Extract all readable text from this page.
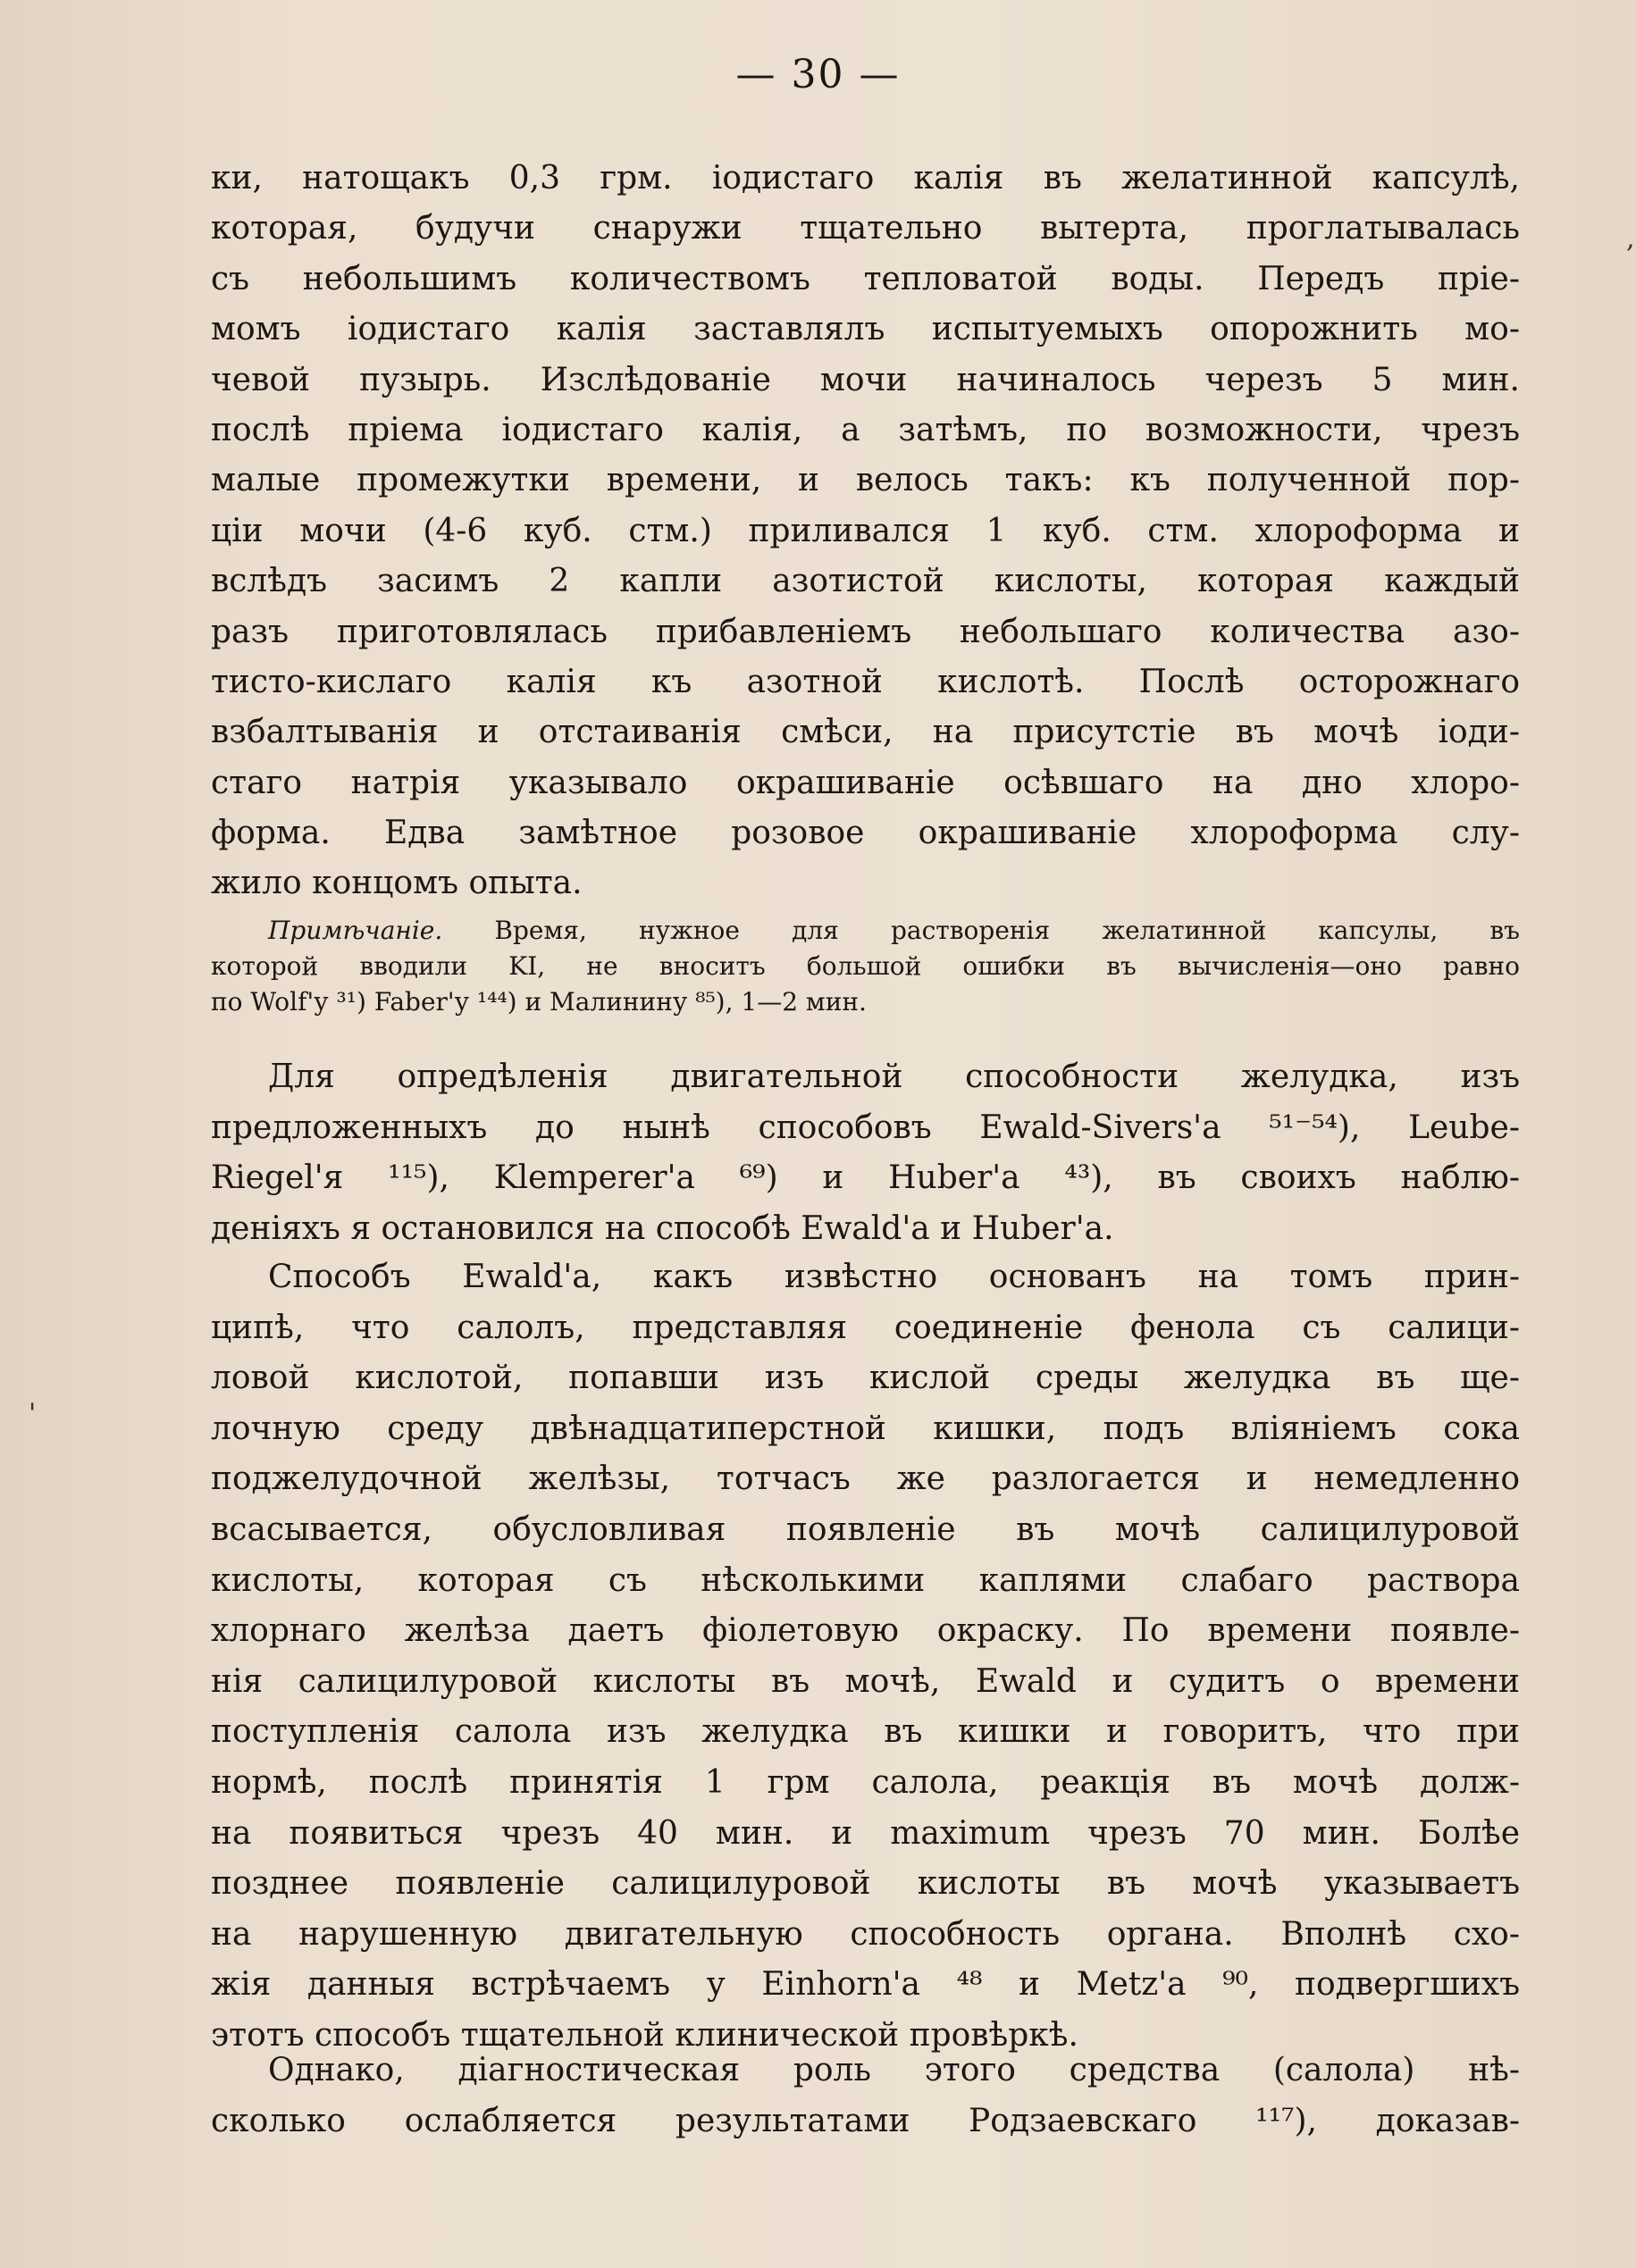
— 30 —
ки, натощакъ 0,3 грм. іодистаго калія въ желатинной капсулѣ,
которая, будучи снаружи тщательно вытерта, проглатывалась
съ небольшимъ количествомъ тепловатой воды. Передъ прiе-
момъ іодистаго калія заставлялъ испытуемыхъ опорожнить мо-
чевой пузырь. Изслѣдованіе мочи начиналось черезъ 5 мин.
послѣ пріема іодистаго калія, а затѣмъ, по возможности, чрезъ
малые промежутки времени, и велось такъ: къ полученной пор-
ціи мочи (4-6 куб. стм.) приливался 1 куб. стм. хлороформа и
вслѣдъ засимъ 2 капли азотистой кислоты, которая каждый
разъ приготовлялась прибавленіемъ небольшаго количества азо-
тисто-кислаго калія къ азотной кислотѣ. Послѣ осторожнаго
взбалтыванія и отстаиванія смѣси, на присутстіе въ мочѣ іоди-
стаго натрія указывало окрашиваніе осѣвшаго на дно хлоро-
форма. Едва замѣтное розовое окрашиваніе хлороформа слу-
жило концомъ опыта.
Примѣчаніе. Время, нужное для растворенія желатинной капсулы, въ
которой вводили KI, не вноситъ большой ошибки въ вычисленія—оно равно
по Wolf'у ³¹) Faber'у ¹⁴⁴) и Малинину ⁸⁵), 1—2 мин.
Для опредѣленія двигательной способности желудка, изъ
предложенныхъ до нынѣ способовъ Ewald-Sivers'a ⁵¹⁻⁵⁴), Leube-
Riegel'я ¹¹⁵), Klemperer'a ⁶⁹) и Huber'a ⁴³), въ своихъ наблю-
деніяхъ я остановился на способѣ Ewald'a и Huber'a.
Способъ Ewald'a, какъ извѣстно основанъ на томъ прин-
ципѣ, что салолъ, представляя соединеніе фенола съ салици-
ловой кислотой, попавши изъ кислой среды желудка въ ще-
лочную среду двѣнадцатиперстной кишки, подъ вліяніемъ сока
поджелудочной желѣзы, тотчасъ же разлогается и немедленно
всасывается, обусловливая появленіе въ мочѣ салицилуровой
кислоты, которая съ нѣсколькими каплями слабаго раствора
хлорнаго желѣза даетъ фіолетовую окраску. По времени появле-
нія салицилуровой кислоты въ мочѣ, Ewald и судитъ о времени
поступленія салола изъ желудка въ кишки и говоритъ, что при
нормѣ, послѣ принятія 1 грм салола, реакція въ мочѣ долж-
на появиться чрезъ 40 мин. и maximum чрезъ 70 мин. Болѣе
позднее появленіе салицилуровой кислоты въ мочѣ указываетъ
на нарушенную двигательную способность органа. Вполнѣ схо-
жія данныя встрѣчаемъ у Einhorn'a ⁴⁸ и Metz'a ⁹⁰, подвергшихъ
этотъ способъ тщательной клинической провѣркѣ.
Однако, діагностическая роль этого средства (салола) нѣ-
сколько ослабляется результатами Родзаевскаго ¹¹⁷), доказав-
,
'
